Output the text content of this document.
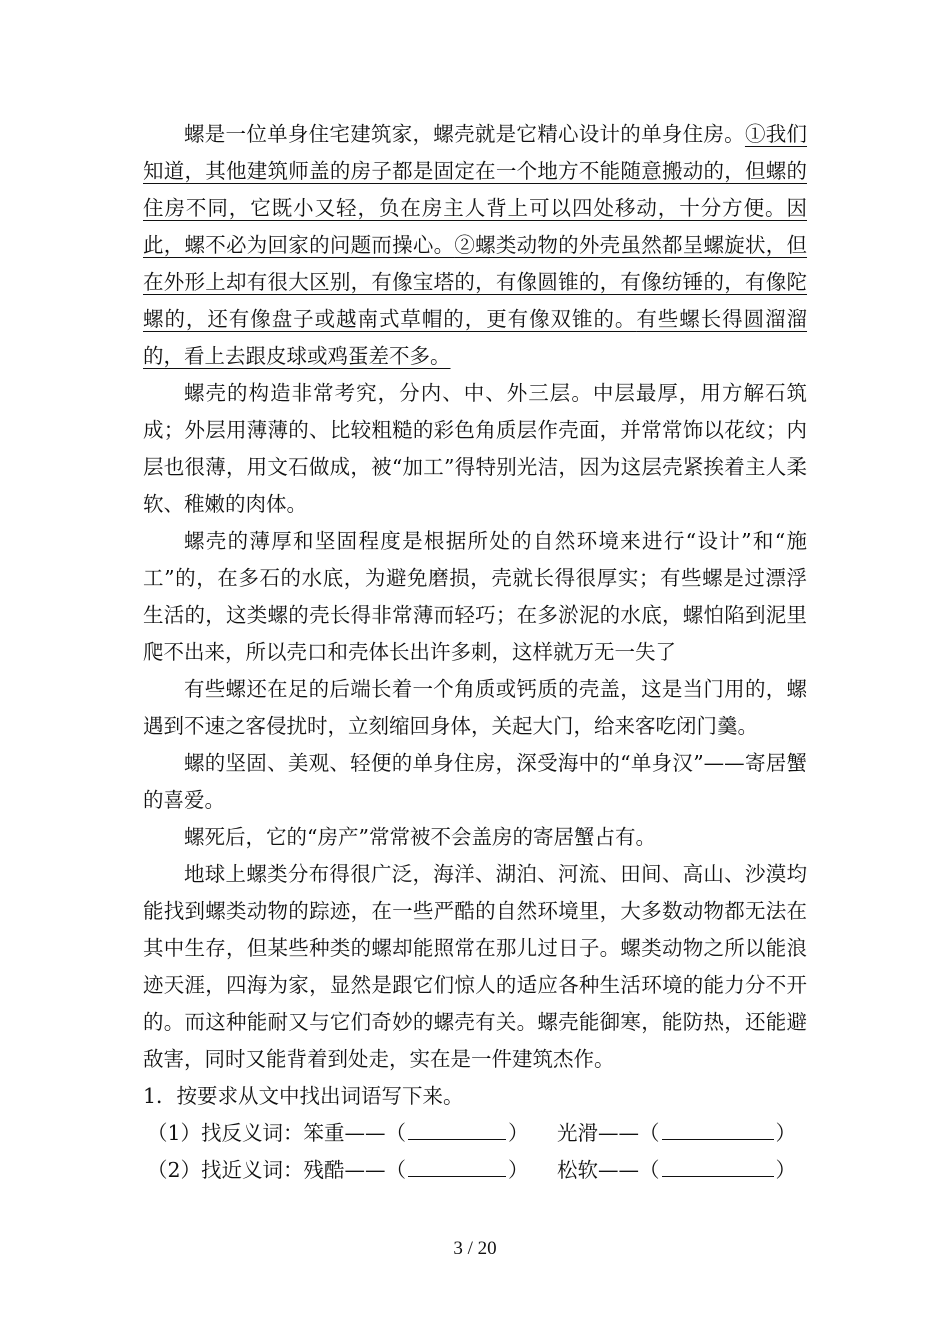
螺是一位单身住宅建筑家，螺壳就是它精心设计的单身住房。①我们知道，其他建筑师盖的房子都是固定在一个地方不能随意搬动的，但螺的住房不同，它既小又轻，负在房主人背上可以四处移动，十分方便。因此，螺不必为回家的问题而操心。②螺类动物的外壳虽然都呈螺旋状，但在外形上却有很大区别，有像宝塔的，有像圆锥的，有像纺锤的，有像陀螺的，还有像盘子或越南式草帽的，更有像双锥的。有些螺长得圆溜溜的，看上去跟皮球或鸡蛋差不多。

螺壳的构造非常考究，分内、中、外三层。中层最厚，用方解石筑成；外层用薄薄的、比较粗糙的彩色角质层作壳面，并常常饰以花纹；内层也很薄，用文石做成，被“加工”得特别光洁，因为这层壳紧挨着主人柔软、稚嫩的肉体。

螺壳的薄厚和坚固程度是根据所处的自然环境来进行“设计”和“施工”的，在多石的水底，为避免磨损，壳就长得很厚实；有些螺是过漂浮生活的，这类螺的壳长得非常薄而轻巧；在多淤泥的水底，螺怕陷到泥里爬不出来，所以壳口和壳体长出许多刺，这样就万无一失了

有些螺还在足的后端长着一个角质或钙质的壳盖，这是当门用的，螺遇到不速之客侵扰时，立刻缩回身体，关起大门，给来客吃闭门羹。

螺的坚固、美观、轻便的单身住房，深受海中的“单身汉”——寄居蟹的喜爱。

螺死后，它的“房产”常常被不会盖房的寄居蟹占有。

地球上螺类分布得很广泛，海洋、湖泊、河流、田间、高山、沙漠均能找到螺类动物的踪迹，在一些严酷的自然环境里，大多数动物都无法在其中生存，但某些种类的螺却能照常在那儿过日子。螺类动物之所以能浪迹天涯，四海为家，显然是跟它们惊人的适应各种生活环境的能力分不开的。而这种能耐又与它们奇妙的螺壳有关。螺壳能御寒，能防热，还能避敌害，同时又能背着到处走，实在是一件建筑杰作。

1．按要求从文中找出词语写下来。

（1）找反义词：笨重——（	） 光滑——（	）
（2）找近义词：残酷——（	） 松软——（	）
3 / 20
